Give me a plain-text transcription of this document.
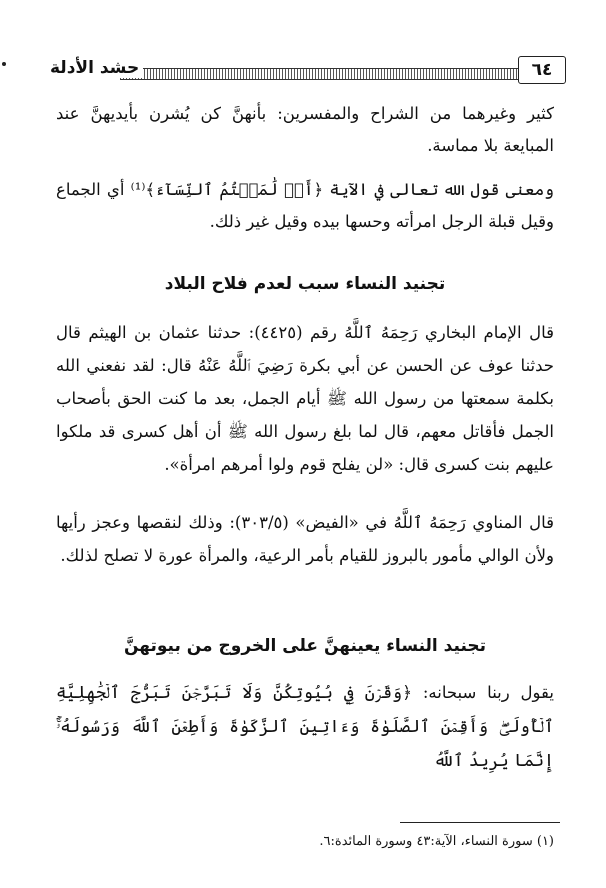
حشد الأدلة	٦٤
كثير وغيرهما من الشراح والمفسرين: بأنهنَّ كن يُشرن بأيديهنَّ عند المبايعة بلا مماسة.
ومعنى قول الله تعالى في الآية ﴿أَوۡ لَٰمَسۡتُمُ ٱلنِّسَآءَ﴾⁽¹⁾ أي الجماع وقيل قبلة الرجل امرأته وحسها بيده وقيل غير ذلك.
تجنيد النساء سبب لعدم فلاح البلاد
قال الإمام البخاري رَحِمَهُ ٱللَّهُ رقم (٤٤٢٥): حدثنا عثمان بن الهيثم قال حدثنا عوف عن الحسن عن أبي بكرة رَضِيَ ٱللَّهُ عَنْهُ قال: لقد نفعني الله بكلمة سمعتها من رسول الله ﷺ أيام الجمل، بعد ما كنت الحق بأصحاب الجمل فأقاتل معهم، قال لما بلغ رسول الله ﷺ أن أهل كسرى قد ملكوا عليهم بنت كسرى قال: «لن يفلح قوم ولوا أمرهم امرأة».
قال المناوي رَحِمَهُ ٱللَّهُ في «الفيض» (٣٠٣/٥): وذلك لنقصها وعجز رأيها ولأن الوالي مأمور بالبروز للقيام بأمر الرعية، والمرأة عورة لا تصلح لذلك.
تجنيد النساء يعينهنَّ على الخروج من بيوتهنَّ
يقول ربنا سبحانه: ﴿وَقَرۡنَ فِي بُيُوتِكُنَّ وَلَا تَبَرَّجۡنَ تَبَرُّجَ ٱلۡجَٰهِلِيَّةِ ٱلۡأُولَىٰۖ وَأَقِمۡنَ ٱلصَّلَوٰةَ وَءَاتِينَ ٱلزَّكَوٰةَ وَأَطِعۡنَ ٱللَّهَ وَرَسُولَهُۥٓۚ إِنَّمَا يُرِيدُ ٱللَّهُ
(١) سورة النساء، الآية:٤٣ وسورة المائدة:٦.
